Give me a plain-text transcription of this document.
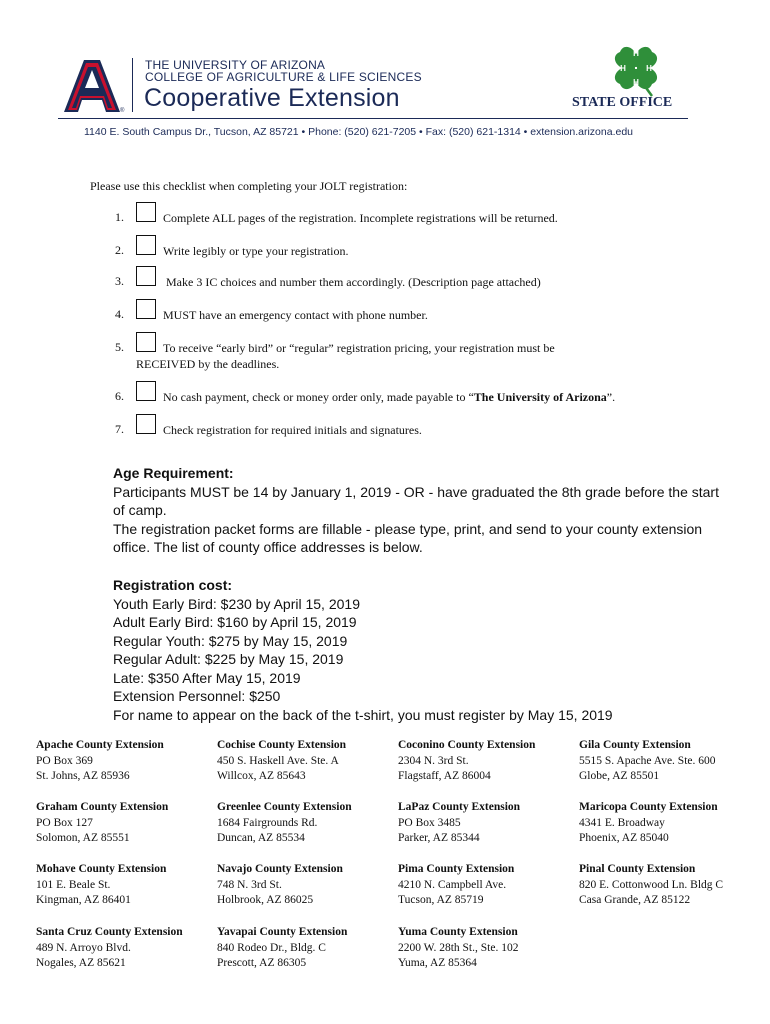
®
THE UNIVERSITY OF ARIZONA
COLLEGE OF AGRICULTURE & LIFE SCIENCES
Cooperative Extension
H
H
H
H
STATE OFFICE
1140 E. South Campus Dr., Tucson, AZ 85721 • Phone: (520) 621-7205 • Fax: (520) 621-1314 • extension.arizona.edu
Please use this checklist when completing your JOLT registration:
1.	Complete ALL pages of the registration. Incomplete registrations will be returned.
2.	Write legibly or type your registration.
3.	Make 3 IC choices and number them accordingly. (Description page attached)
4.	MUST have an emergency contact with phone number.
5.	To receive “early bird” or “regular” registration pricing, your registration must be
RECEIVED by the deadlines.
6.	No cash payment, check or money order only, made payable to “The University of Arizona”.
7.	Check registration for required initials and signatures.
Age Requirement:
Participants MUST be 14 by January 1, 2019 - OR - have graduated the 8th grade before the start
of camp.
The registration packet forms are fillable - please type, print, and send to your county extension
office. The list of county office addresses is below.
Registration cost:
Youth Early Bird: $230 by April 15, 2019
Adult Early Bird: $160 by April 15, 2019
Regular Youth: $275 by May 15, 2019
Regular Adult: $225 by May 15, 2019
Late: $350 After May 15, 2019
Extension Personnel: $250
For name to appear on the back of the t-shirt, you must register by May 15, 2019
Apache County Extension
PO Box 369
St. Johns, AZ 85936
Cochise County Extension
450 S. Haskell Ave. Ste. A
Willcox, AZ 85643
Coconino County Extension
2304 N. 3rd St.
Flagstaff, AZ 86004
Gila County Extension
5515 S. Apache Ave. Ste. 600
Globe, AZ 85501
Graham County Extension
PO Box 127
Solomon, AZ 85551
Greenlee County Extension
1684 Fairgrounds Rd.
Duncan, AZ 85534
LaPaz County Extension
PO Box 3485
Parker, AZ 85344
Maricopa County Extension
4341 E. Broadway
Phoenix, AZ 85040
Mohave County Extension
101 E. Beale St.
Kingman, AZ 86401
Navajo County Extension
748 N. 3rd St.
Holbrook, AZ 86025
Pima County Extension
4210 N. Campbell Ave.
Tucson, AZ 85719
Pinal County Extension
820 E. Cottonwood Ln. Bldg C
Casa Grande, AZ 85122
Santa Cruz County Extension
489 N. Arroyo Blvd.
Nogales, AZ 85621
Yavapai County Extension
840 Rodeo Dr., Bldg. C
Prescott, AZ 86305
Yuma County Extension
2200 W. 28th St., Ste. 102
Yuma, AZ 85364
